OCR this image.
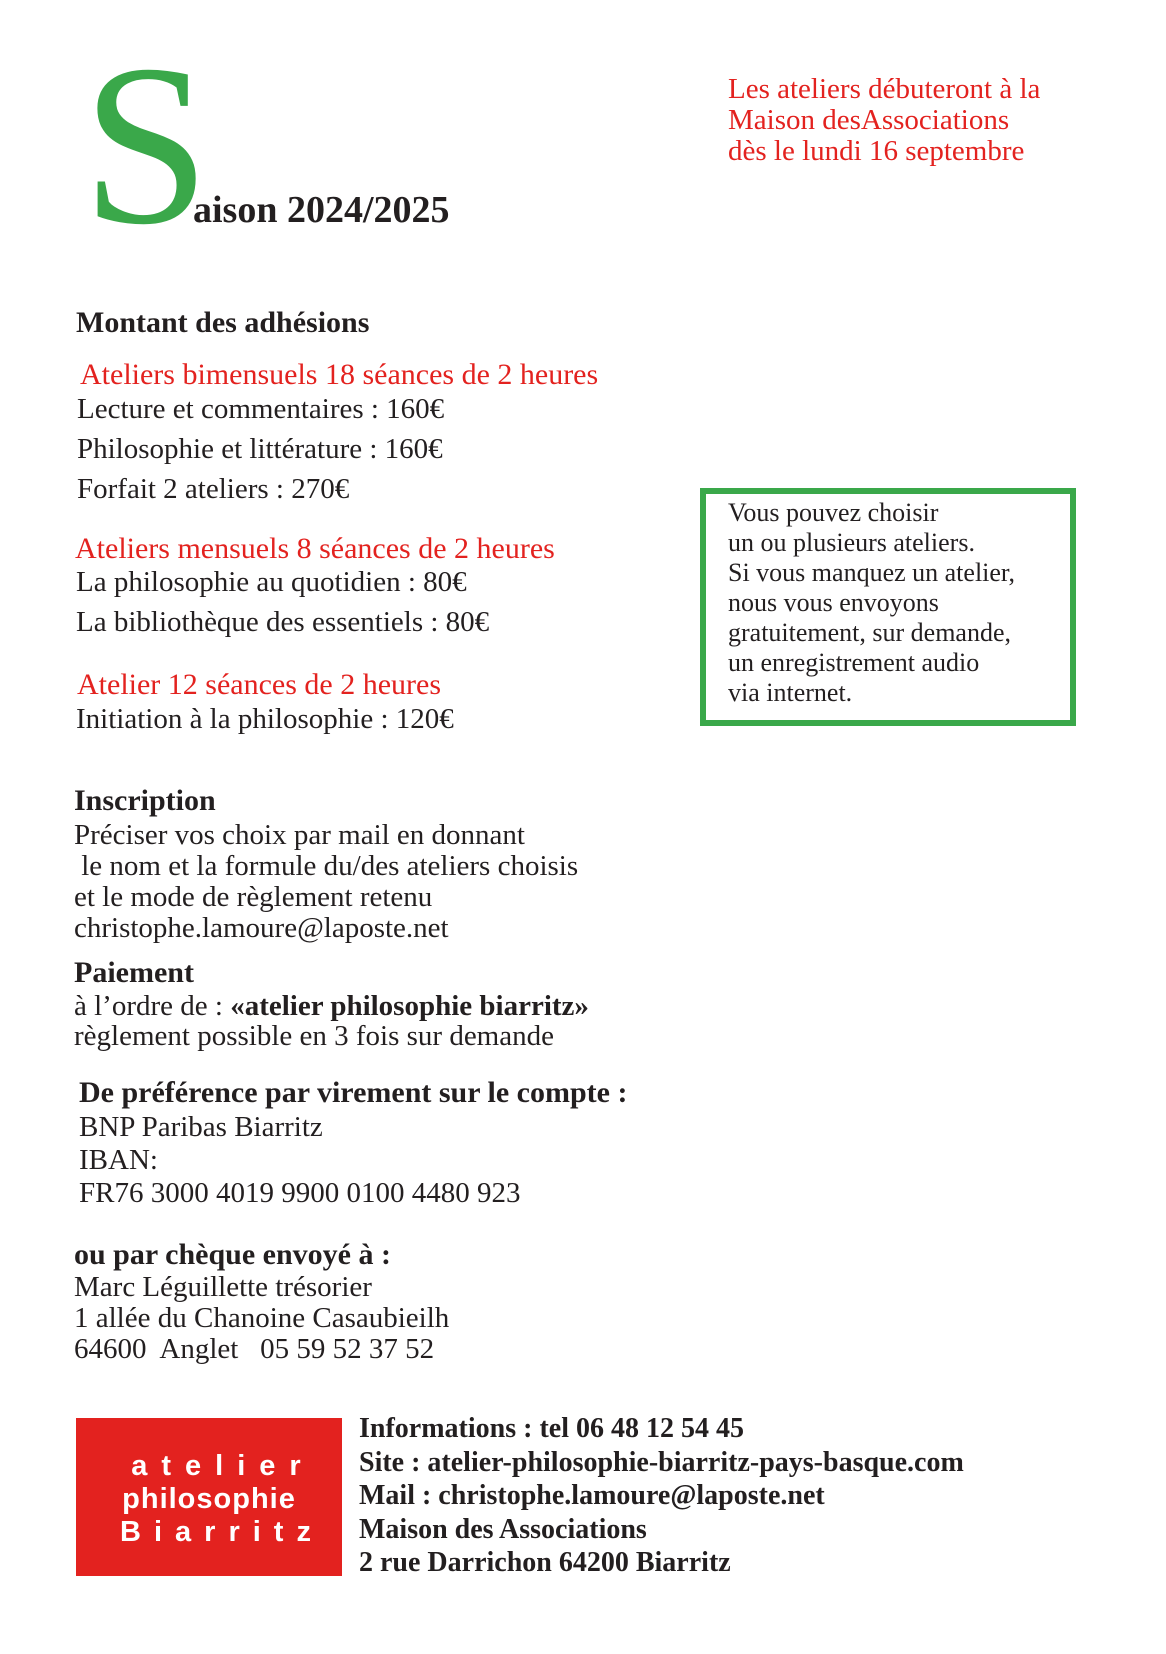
S
aison 2024/2025
Les ateliers débuteront à la
Maison desAssociations
dès le lundi 16 septembre
Montant des adhésions
Ateliers bimensuels 18 séances de 2 heures
Lecture et commentaires : 160€
Philosophie et littérature : 160€
Forfait 2 ateliers : 270€
Ateliers mensuels 8 séances de 2 heures
La philosophie au quotidien : 80€
La bibliothèque des essentiels : 80€
Atelier 12 séances de 2 heures
Initiation à la philosophie : 120€
Vous pouvez choisir
un ou plusieurs ateliers.
Si vous manquez un atelier,
nous vous envoyons
gratuitement, sur demande,
un enregistrement audio
via internet.
Inscription
Préciser vos choix par mail en donnant
le nom et la formule du/des ateliers choisis
et le mode de règlement retenu
christophe.lamoure@laposte.net
Paiement
à l’ordre de : «atelier philosophie biarritz»
règlement possible en 3 fois sur demande
De préférence par virement sur le compte :
BNP Paribas Biarritz
IBAN:
FR76 3000 4019 9900 0100 4480 923
ou par chèque envoyé à :
Marc Léguillette trésorier
1 allée du Chanoine Casaubieilh
64600  Anglet   05 59 52 37 52
atelier
philosophie
Biarritz
Informations : tel 06 48 12 54 45
Site : atelier-philosophie-biarritz-pays-basque.com
Mail : christophe.lamoure@laposte.net
Maison des Associations
2 rue Darrichon 64200 Biarritz
